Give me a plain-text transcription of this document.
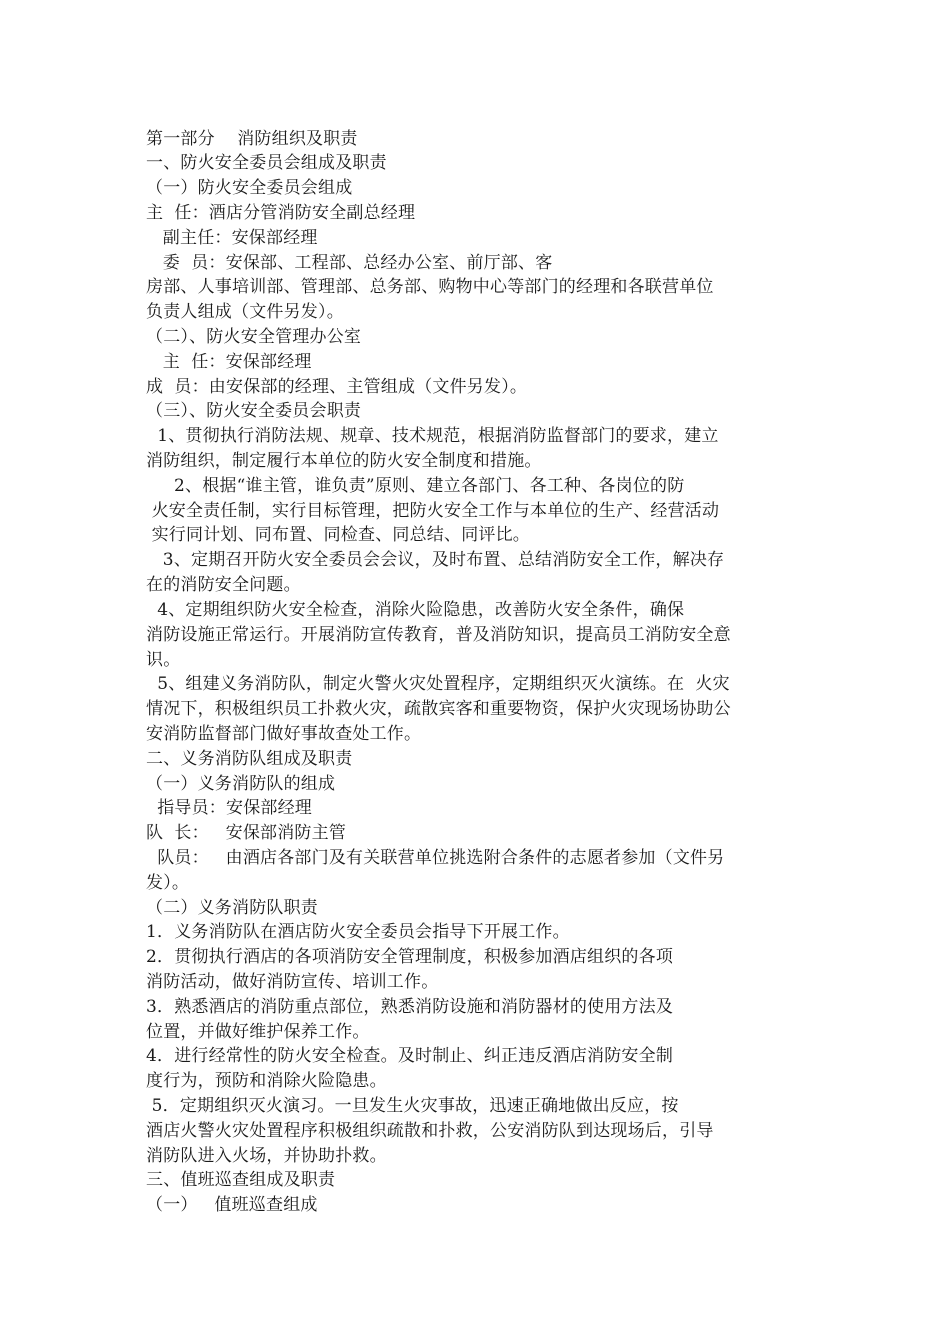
第一部分    消防组织及职责
一、防火安全委员会组成及职责
（一）防火安全委员会组成
主  任：酒店分管消防安全副总经理
副主任：安保部经理
委  员：安保部、工程部、总经办公室、前厅部、客
房部、人事培训部、管理部、总务部、购物中心等部门的经理和各联营单位
负责人组成（文件另发）。
（二）、防火安全管理办公室
主  任：安保部经理
成  员：由安保部的经理、主管组成（文件另发）。
（三）、防火安全委员会职责
1、贯彻执行消防法规、规章、技术规范，根据消防监督部门的要求，建立
消防组织，制定履行本单位的防火安全制度和措施。
2、根据“谁主管，谁负责”原则、建立各部门、各工种、各岗位的防
火安全责任制，实行目标管理，把防火安全工作与本单位的生产、经营活动
实行同计划、同布置、同检查、同总结、同评比。
3、定期召开防火安全委员会会议，及时布置、总结消防安全工作，解决存
在的消防安全问题。
4、定期组织防火安全检查，消除火险隐患，改善防火安全条件，确保
消防设施正常运行。开展消防宣传教育，普及消防知识，提高员工消防安全意
识。
5、组建义务消防队，制定火警火灾处置程序，定期组织灭火演练。在  火灾
情况下，积极组织员工扑救火灾，疏散宾客和重要物资，保护火灾现场协助公
安消防监督部门做好事故查处工作。
二、义务消防队组成及职责
（一）义务消防队的组成
指导员：安保部经理
队  长：   安保部消防主管
队员：   由酒店各部门及有关联营单位挑选附合条件的志愿者参加（文件另
发）。
（二）义务消防队职责
1．义务消防队在酒店防火安全委员会指导下开展工作。
2．贯彻执行酒店的各项消防安全管理制度，积极参加酒店组织的各项
消防活动，做好消防宣传、培训工作。
3．熟悉酒店的消防重点部位，熟悉消防设施和消防器材的使用方法及
位置，并做好维护保养工作。
4．进行经常性的防火安全检查。及时制止、纠正违反酒店消防安全制
度行为，预防和消除火险隐患。
5．定期组织灭火演习。一旦发生火灾事故，迅速正确地做出反应，按
酒店火警火灾处置程序积极组织疏散和扑救，公安消防队到达现场后，引导
消防队进入火场，并协助扑救。
三、值班巡查组成及职责
（一）   值班巡查组成
